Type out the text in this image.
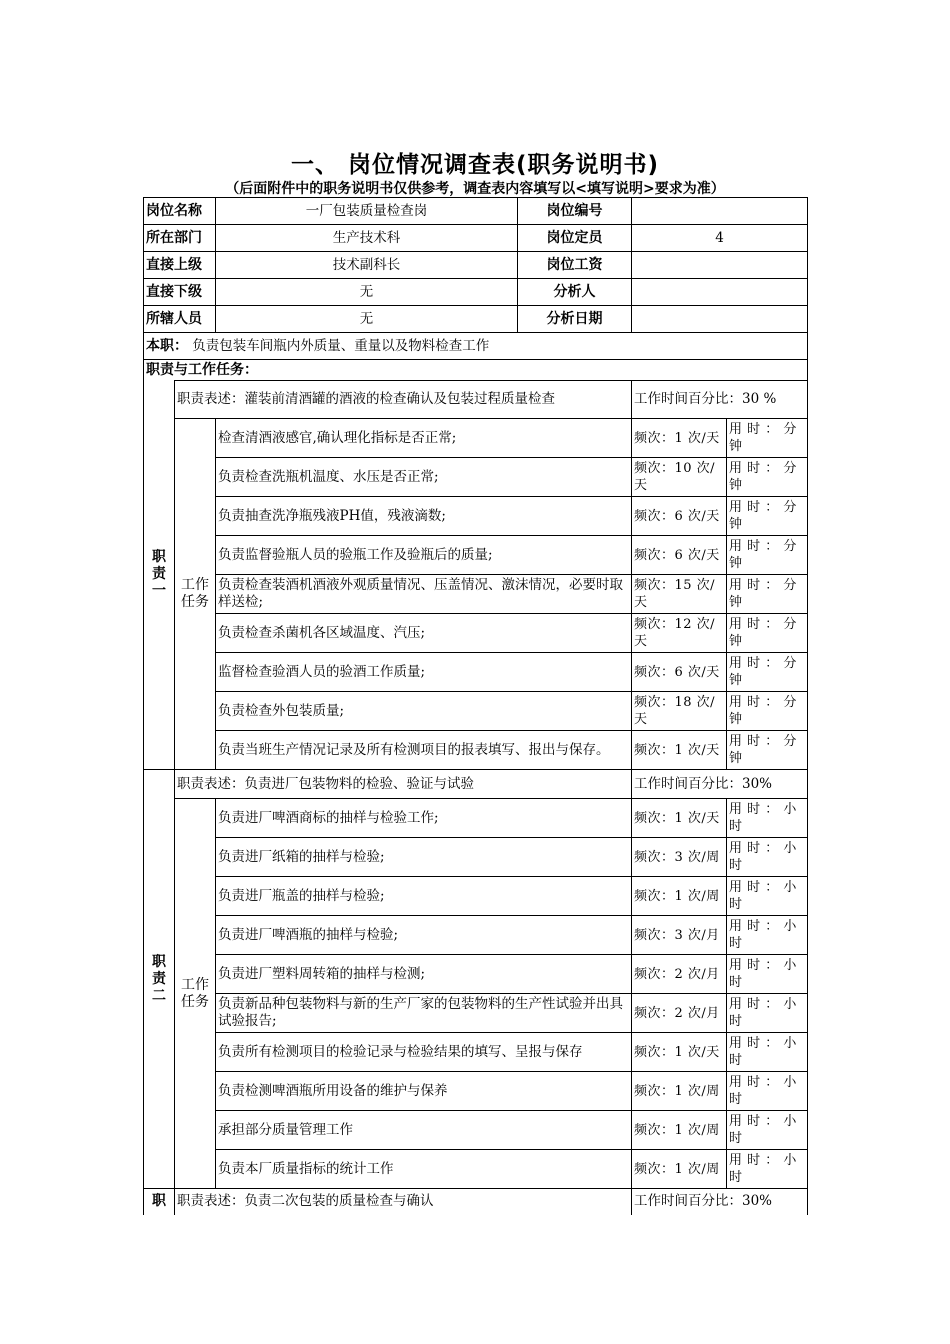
一、 岗位情况调查表(职务说明书)
（后面附件中的职务说明书仅供参考，调查表内容填写以<填写说明>要求为准）
岗位名称		一厂包装质量检查岗	岗位编号		
所在部门		生产技术科	岗位定员	4	
直接上级		技术副科长	岗位工资		
直接下级		无	分析人		
所辖人员		无	分析日期		
本职： 负责包装车间瓶内外质量、重量以及物料检查工作					
职责与工作任务：					
职
责
一	职责表述：灌装前清酒罐的酒液的检查确认及包装过程质量检查			工作时间百分比：30 %	
	工作
任务	检查清酒液感官,确认理化指标是否正常;		频次：1 次/天	用 时 ： 分钟
		负责检查洗瓶机温度、水压是否正常;		频次：10 次/天	用 时 ： 分钟
		负责抽查洗净瓶残液PH值，残液滴数;		频次：6 次/天	用 时 ： 分钟
		负责监督验瓶人员的验瓶工作及验瓶后的质量;		频次：6 次/天	用 时 ： 分钟
		负责检查装酒机酒液外观质量情况、压盖情况、激沫情况，必要时取样送检;		频次：15 次/天	用 时 ： 分钟
		负责检查杀菌机各区域温度、汽压;		频次：12 次/天	用 时 ： 分钟
		监督检查验酒人员的验酒工作质量;		频次：6 次/天	用 时 ： 分钟
		负责检查外包装质量;		频次：18 次/天	用 时 ： 分钟
		负责当班生产情况记录及所有检测项目的报表填写、报出与保存。		频次：1 次/天	用 时 ： 分钟
职
责
二	职责表述：负责进厂包装物料的检验、验证与试验			工作时间百分比：30%	
	工作
任务	负责进厂啤酒商标的抽样与检验工作;		频次：1 次/天	用 时 ： 小时
		负责进厂纸箱的抽样与检验;		频次：3 次/周	用 时 ： 小时
		负责进厂瓶盖的抽样与检验;		频次：1 次/周	用 时 ： 小时
		负责进厂啤酒瓶的抽样与检验;		频次：3 次/月	用 时 ： 小时
		负责进厂塑料周转箱的抽样与检测;		频次：2 次/月	用 时 ： 小时
		负责新品种包装物料与新的生产厂家的包装物料的生产性试验并出具试验报告;		频次：2 次/月	用 时 ： 小时
		负责所有检测项目的检验记录与检验结果的填写、呈报与保存		频次：1 次/天	用 时 ： 小时
		负责检测啤酒瓶所用设备的维护与保养		频次：1 次/周	用 时 ： 小时
		承担部分质量管理工作		频次：1 次/周	用 时 ： 小时
		负责本厂质量指标的统计工作		频次：1 次/周	用 时 ： 小时
职	职责表述：负责二次包装的质量检查与确认			工作时间百分比：30%	
